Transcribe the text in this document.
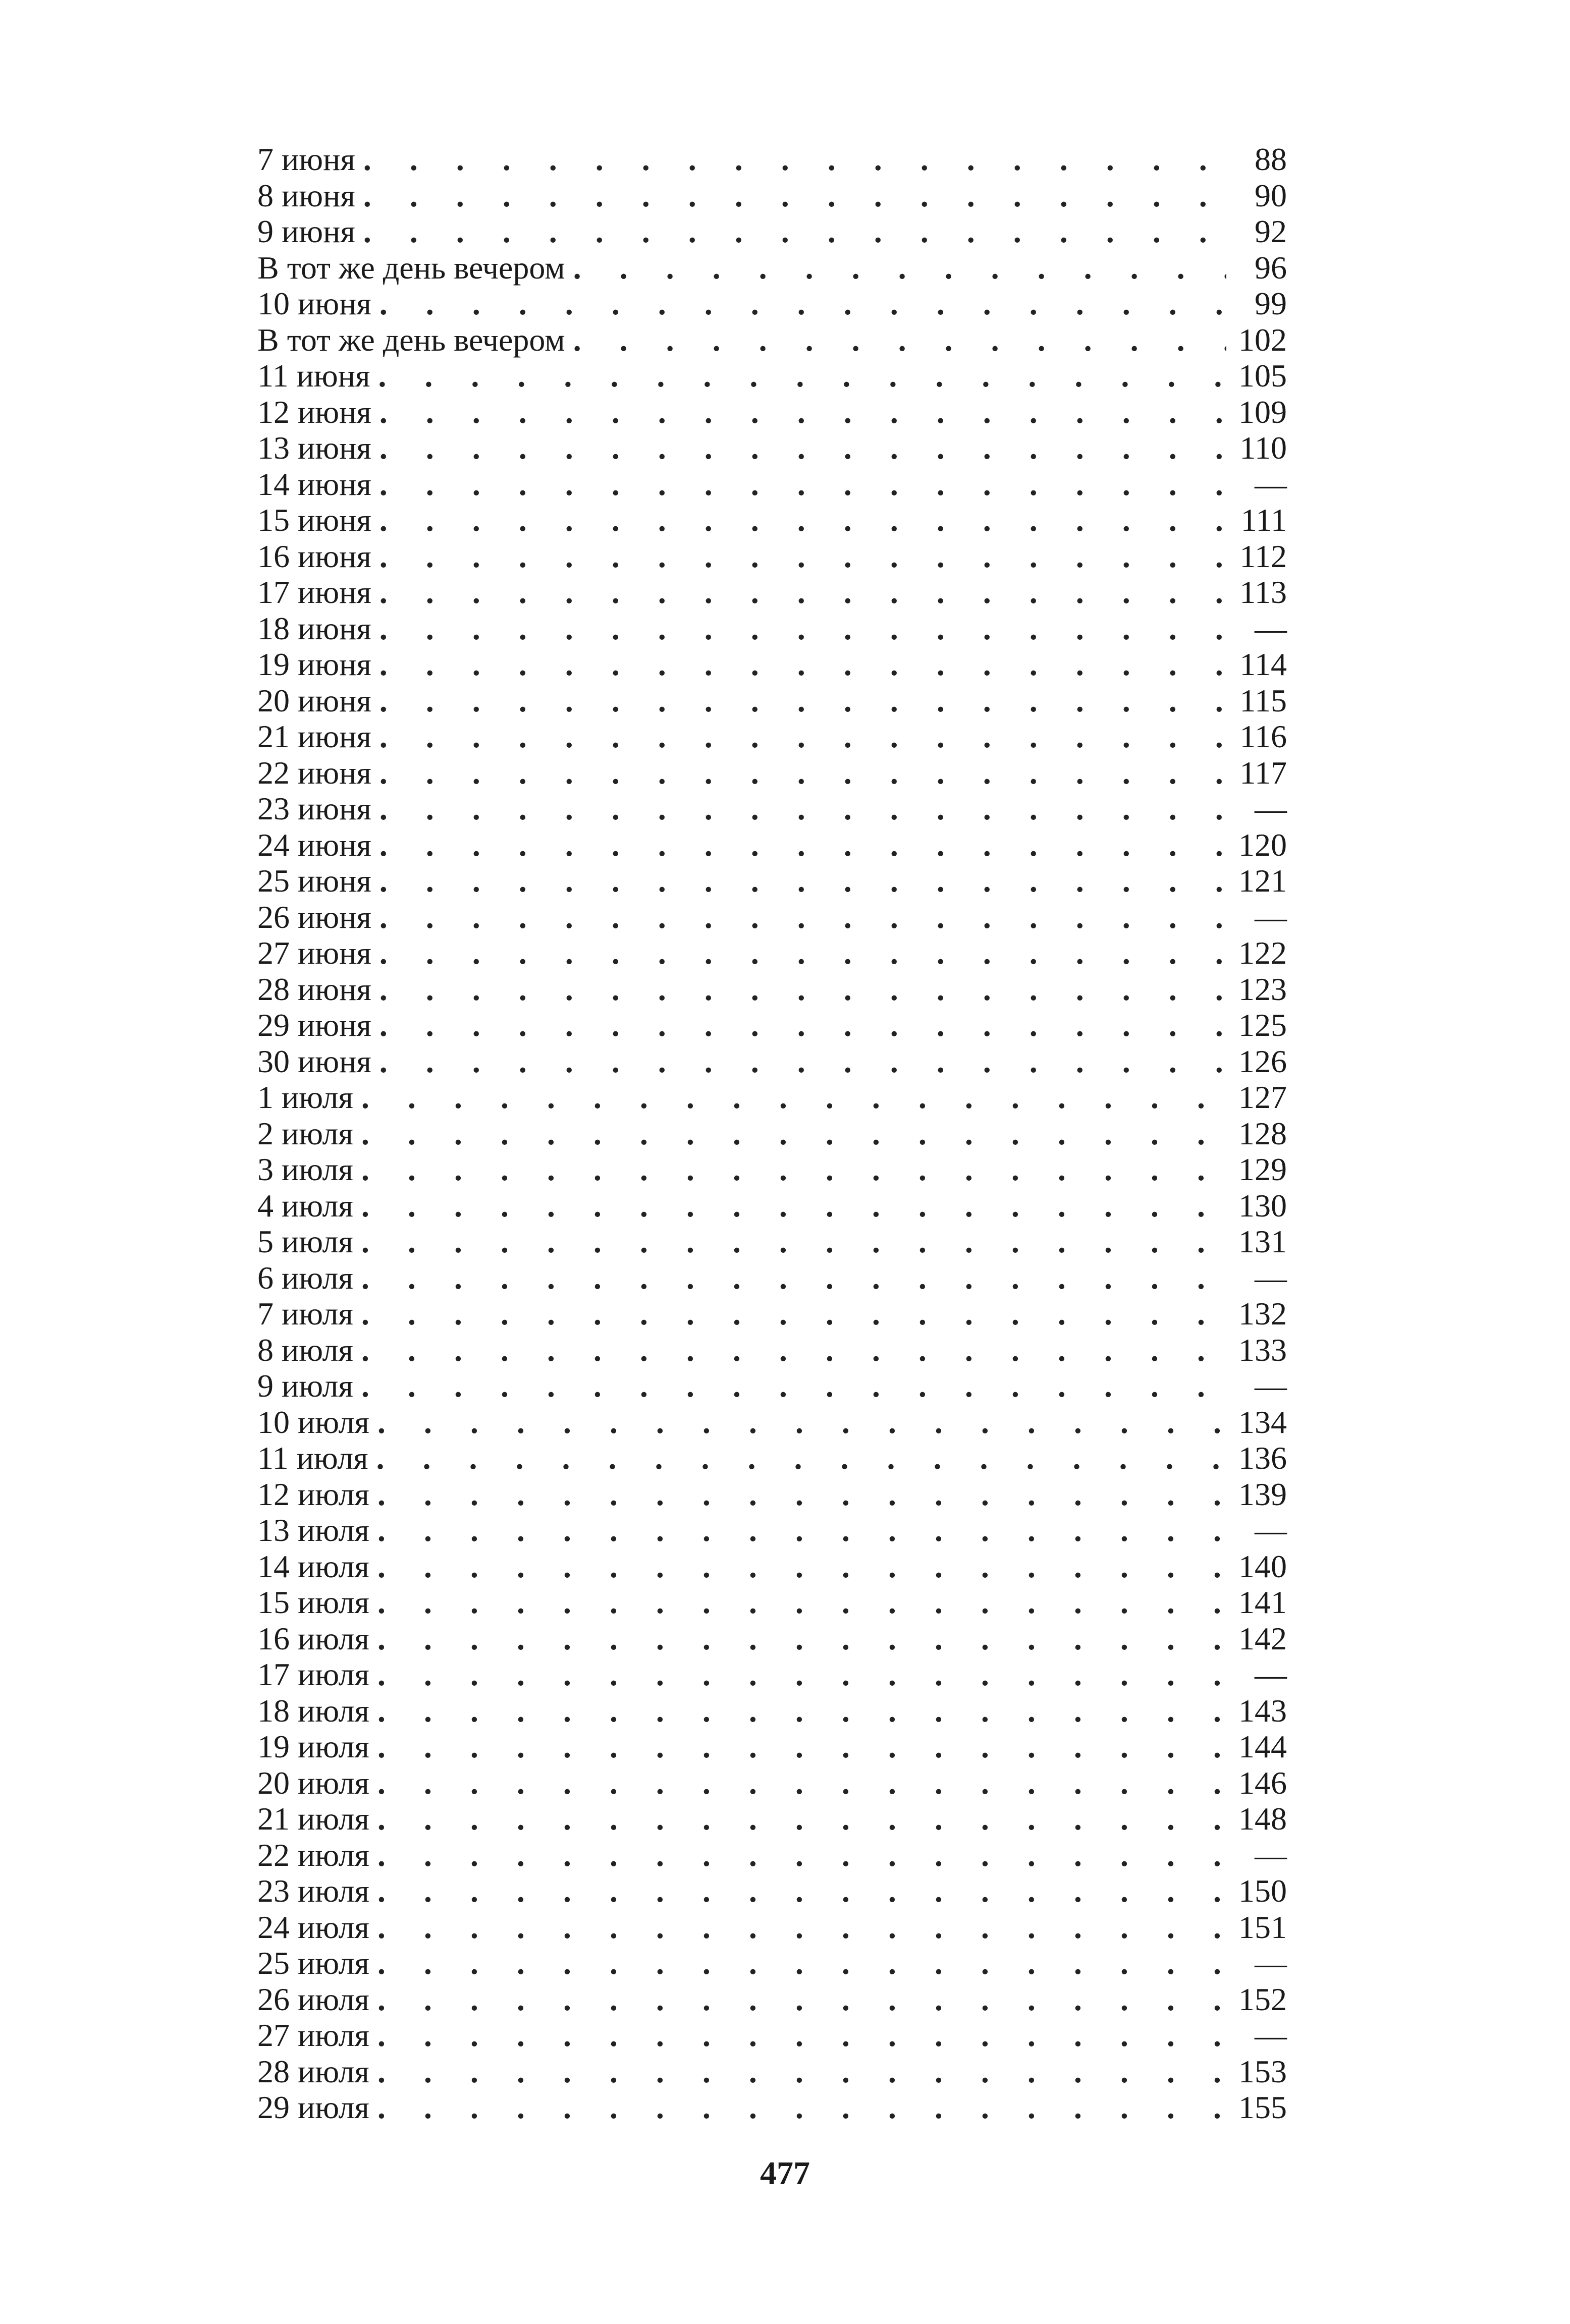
7 июня . . .	88
8 июня . . .	90
9 июня . . .	92
В тот же день вечером . . .	96
10 июня . . .	99
В тот же день вечером . . .	102
11 июня . . .	105
12 июня . . .	109
13 июня . . .	110
14 июня . . .	—
15 июня . . .	111
16 июня . . .	112
17 июня . . .	113
18 июня . . .	—
19 июня . . .	114
20 июня . . .	115
21 июня . . .	116
22 июня . . .	117
23 июня . . .	—
24 июня . . .	120
25 июня . . .	121
26 июня . . .	—
27 июня . . .	122
28 июня . . .	123
29 июня . . .	125
30 июня . . .	126
1 июля . . .	127
2 июля . . .	128
3 июля . . .	129
4 июля . . .	130
5 июля . . .	131
6 июля . . .	—
7 июля . . .	132
8 июля . . .	133
9 июля . . .	—
10 июля . . .	134
11 июля . . .	136
12 июля . . .	139
13 июля . . .	—
14 июля . . .	140
15 июля . . .	141
16 июля . . .	142
17 июля . . .	—
18 июля . . .	143
19 июля . . .	144
20 июля . . .	146
21 июля . . .	148
22 июля . . .	—
23 июля . . .	150
24 июля . . .	151
25 июля . . .	—
26 июля . . .	152
27 июля . . .	—
28 июля . . .	153
29 июля . . .	155
477
